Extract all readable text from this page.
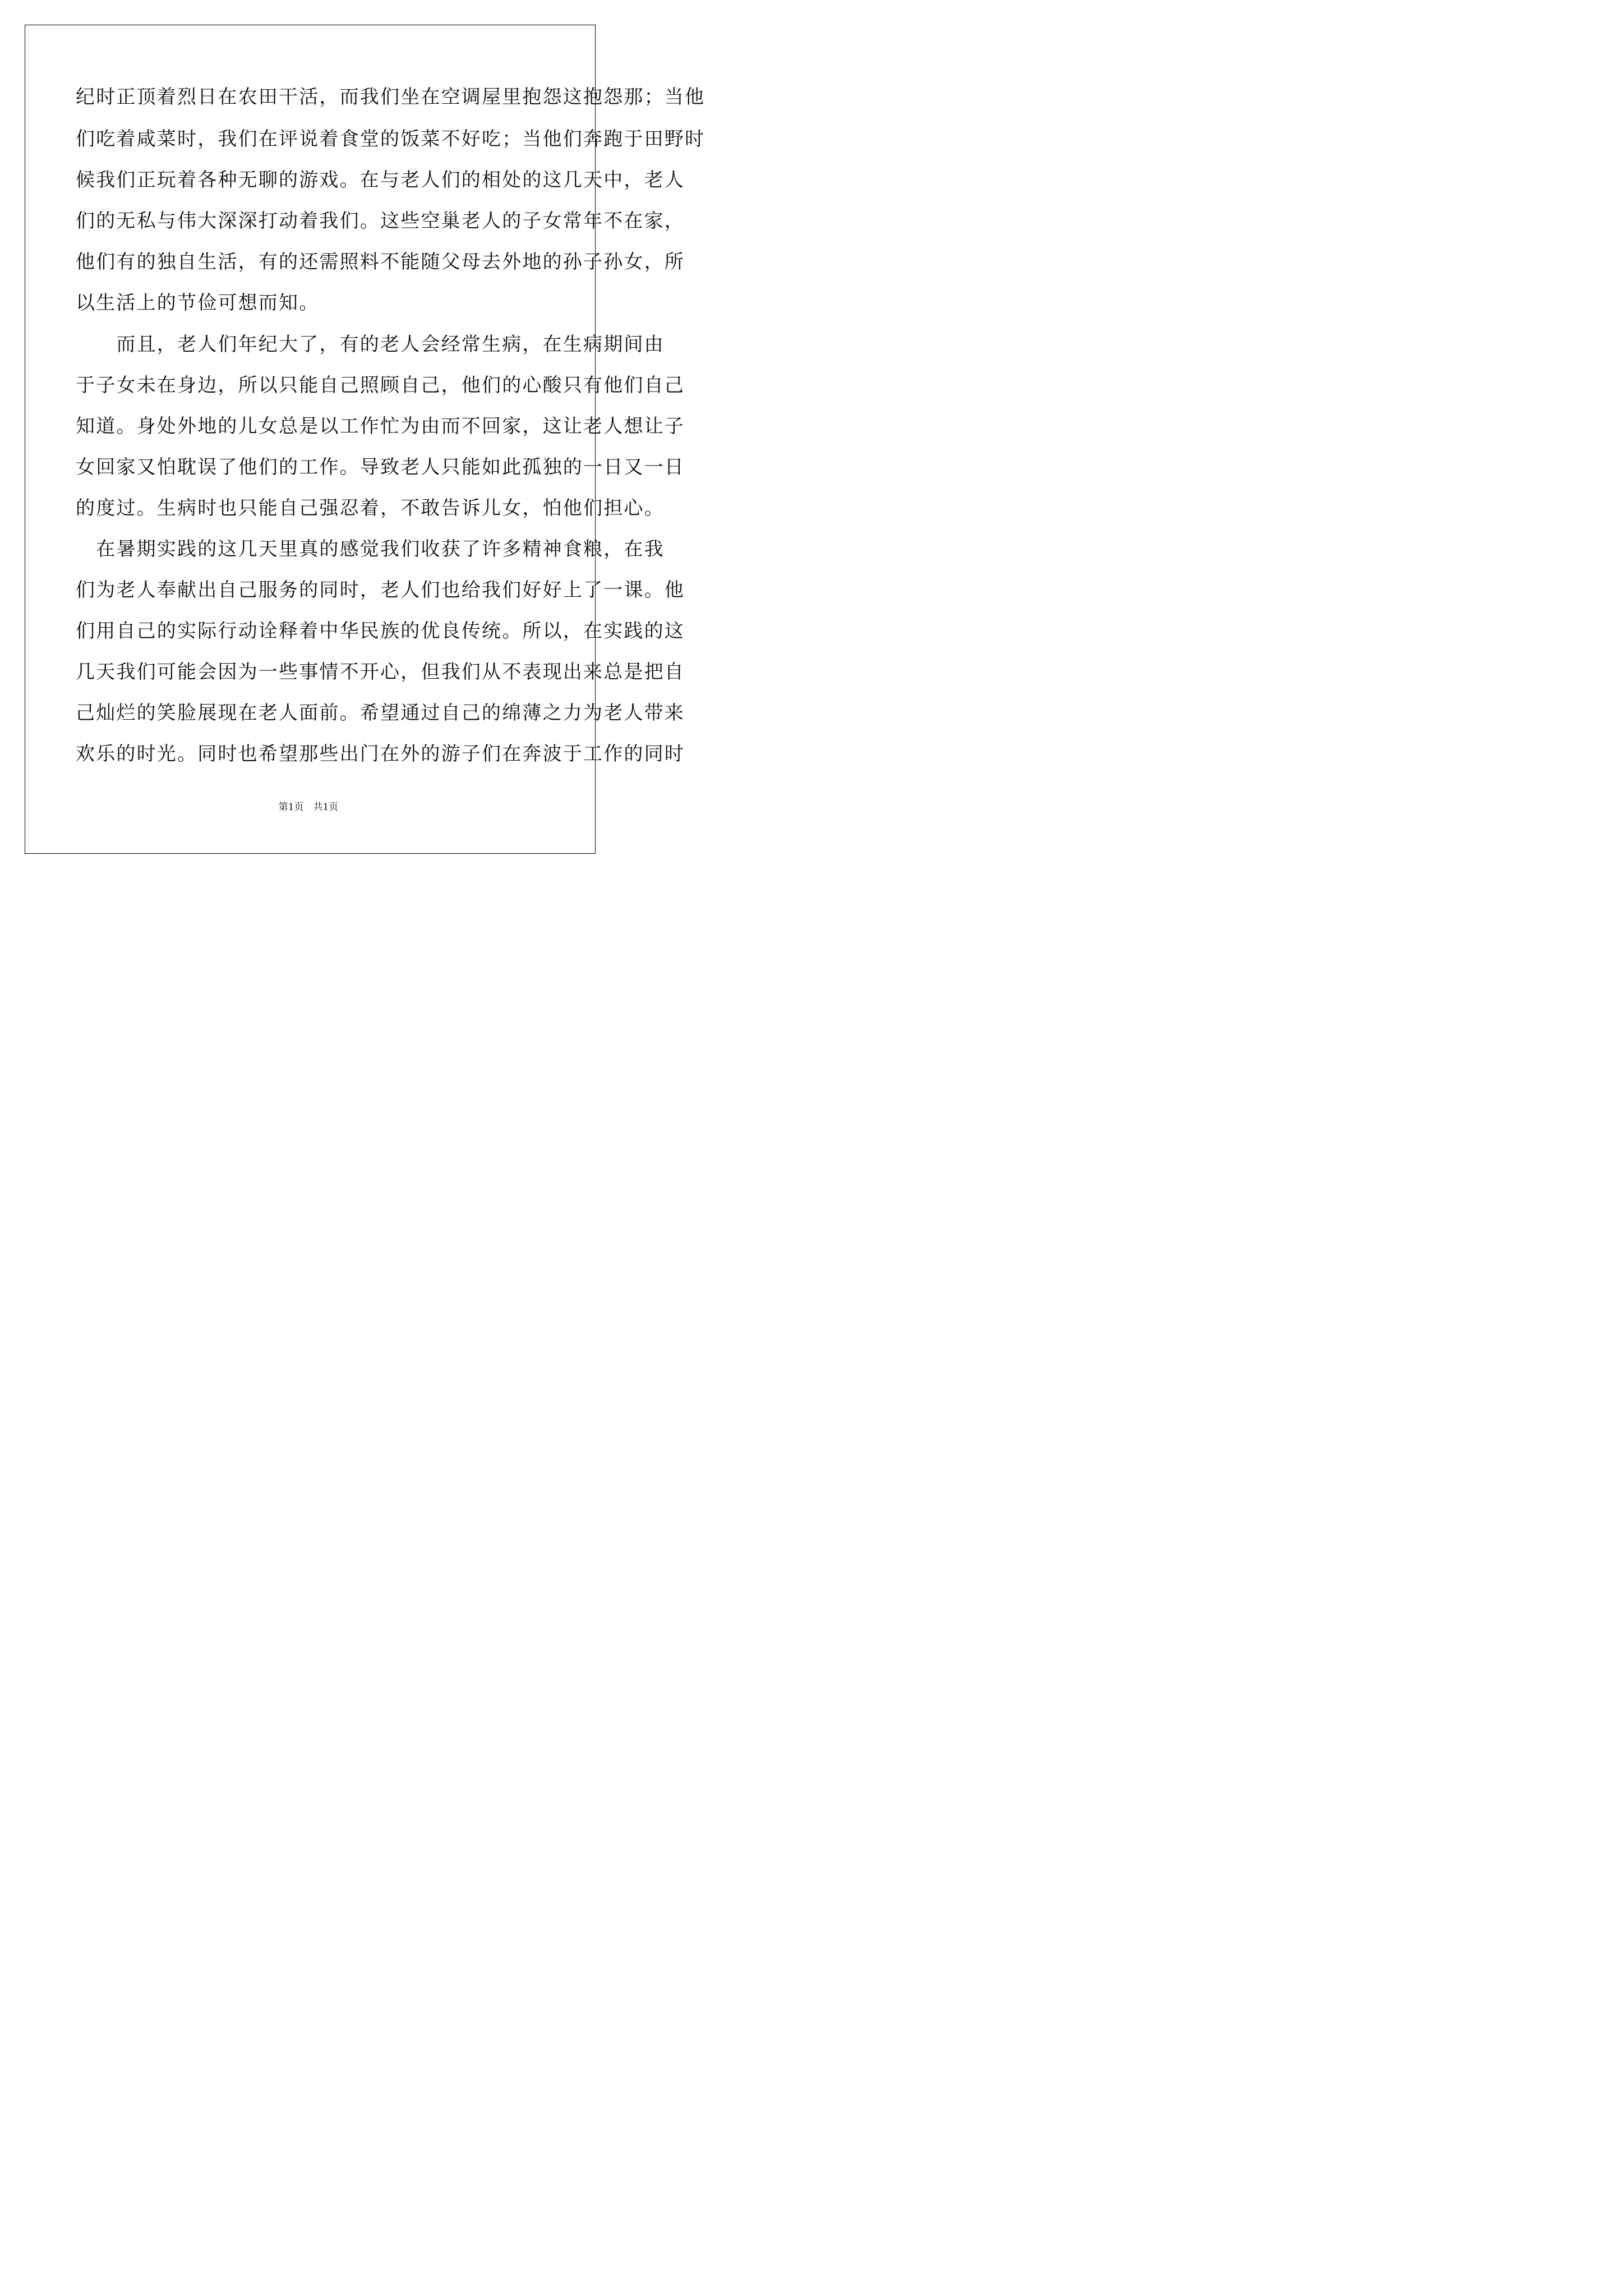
纪时正顶着烈日在农田干活，而我们坐在空调屋里抱怨这抱怨那；当他
们吃着咸菜时，我们在评说着食堂的饭菜不好吃；当他们奔跑于田野时
候我们正玩着各种无聊的游戏。在与老人们的相处的这几天中，老人
们的无私与伟大深深打动着我们。这些空巢老人的子女常年不在家，
他们有的独自生活，有的还需照料不能随父母去外地的孙子孙女，所
以生活上的节俭可想而知。
　　而且，老人们年纪大了，有的老人会经常生病，在生病期间由
于子女未在身边，所以只能自己照顾自己，他们的心酸只有他们自己
知道。身处外地的儿女总是以工作忙为由而不回家，这让老人想让子
女回家又怕耽误了他们的工作。导致老人只能如此孤独的一日又一日
的度过。生病时也只能自己强忍着，不敢告诉儿女，怕他们担心。
　在暑期实践的这几天里真的感觉我们收获了许多精神食粮，在我
们为老人奉献出自己服务的同时，老人们也给我们好好上了一课。他
们用自己的实际行动诠释着中华民族的优良传统。所以，在实践的这
几天我们可能会因为一些事情不开心，但我们从不表现出来总是把自
己灿烂的笑脸展现在老人面前。希望通过自己的绵薄之力为老人带来
欢乐的时光。同时也希望那些出门在外的游子们在奔波于工作的同时
第1页　共1页
